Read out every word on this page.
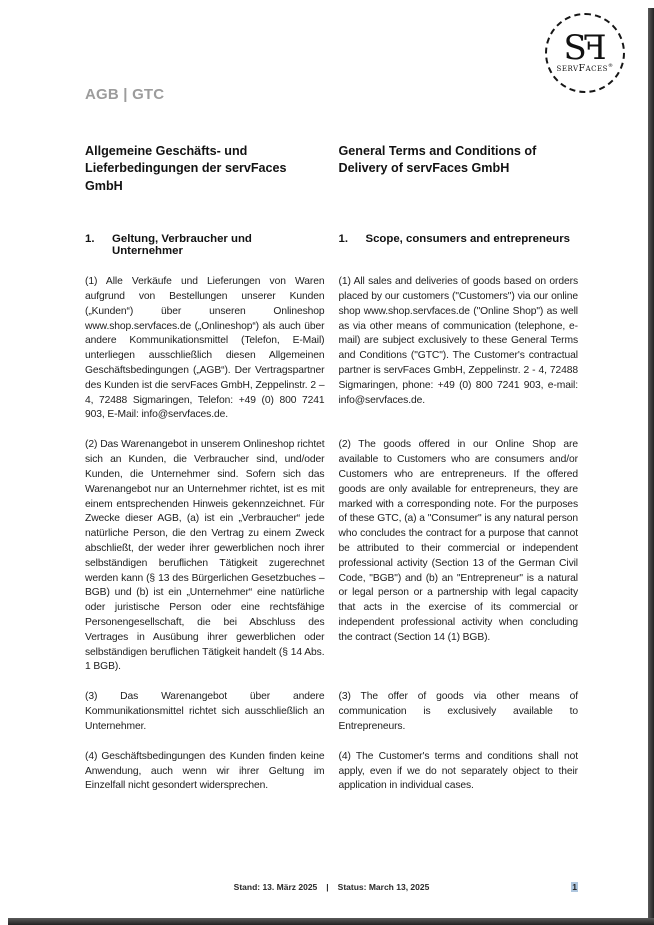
SF
servFaces®
AGB | GTC
Allgemeine Geschäfts- und Lieferbedingungen der servFaces GmbH
General Terms and Conditions of Delivery of servFaces GmbH
1.	Geltung, Verbraucher und Unternehmer
1.	Scope, consumers and entrepreneurs

(1) Alle Verkäufe und Lieferungen von Waren aufgrund von Bestellungen unserer Kunden („Kunden“) über unseren Onlineshop www.shop.servfaces.de („Onlineshop“) als auch über andere Kommunikationsmittel (Telefon, E-Mail) unterliegen ausschließlich diesen Allgemeinen Geschäftsbedingungen („AGB“). Der Vertragspartner des Kunden ist die servFaces GmbH, Zeppelinstr. 2 – 4, 72488 Sigmaringen, Telefon: +49 (0) 800 7241 903, E-Mail: info@servfaces.de.

(1) All sales and deliveries of goods based on orders placed by our customers ("Customers") via our online shop www.shop.servfaces.de ("Online Shop") as well as via other means of communication (telephone, e-mail) are subject exclusively to these General Terms and Conditions ("GTC"). The Customer's contractual partner is servFaces GmbH, Zeppelinstr. 2 - 4, 72488 Sigmaringen, phone: +49 (0) 800 7241 903, e-mail: info@servfaces.de.

(2) Das Warenangebot in unserem Onlineshop richtet sich an Kunden, die Verbraucher sind, und/oder Kunden, die Unternehmer sind. Sofern sich das Warenangebot nur an Unternehmer richtet, ist es mit einem entsprechenden Hinweis gekennzeichnet. Für Zwecke dieser AGB, (a) ist ein „Verbraucher“ jede natürliche Person, die den Vertrag zu einem Zweck abschließt, der weder ihrer gewerblichen noch ihrer selbständigen beruflichen Tätigkeit zugerechnet werden kann (§ 13 des Bürgerlichen Gesetzbuches – BGB) und (b) ist ein „Unternehmer“ eine natürliche oder juristische Person oder eine rechtsfähige Personengesellschaft, die bei Abschluss des Vertrages in Ausübung ihrer gewerblichen oder selbständigen beruflichen Tätigkeit handelt (§ 14 Abs. 1 BGB).

(2) The goods offered in our Online Shop are available to Customers who are consumers and/or Customers who are entrepreneurs. If the offered goods are only available for entrepreneurs, they are marked with a corresponding note. For the purposes of these GTC, (a) a "Consumer" is any natural person who concludes the contract for a purpose that cannot be attributed to their commercial or independent professional activity (Section 13 of the German Civil Code, "BGB") and (b) an "Entrepreneur" is a natural or legal person or a partnership with legal capacity that acts in the exercise of its commercial or independent professional activity when concluding the contract (Section 14 (1) BGB).

(3) Das Warenangebot über andere Kommunikationsmittel richtet sich ausschließlich an Unternehmer.

(3) The offer of goods via other means of communication is exclusively available to Entrepreneurs.

(4) Geschäftsbedingungen des Kunden finden keine Anwendung, auch wenn wir ihrer Geltung im Einzelfall nicht gesondert widersprechen.

(4) The Customer's terms and conditions shall not apply, even if we do not separately object to their application in individual cases.

Stand: 13. März 2025 | Status: March 13, 2025	1
